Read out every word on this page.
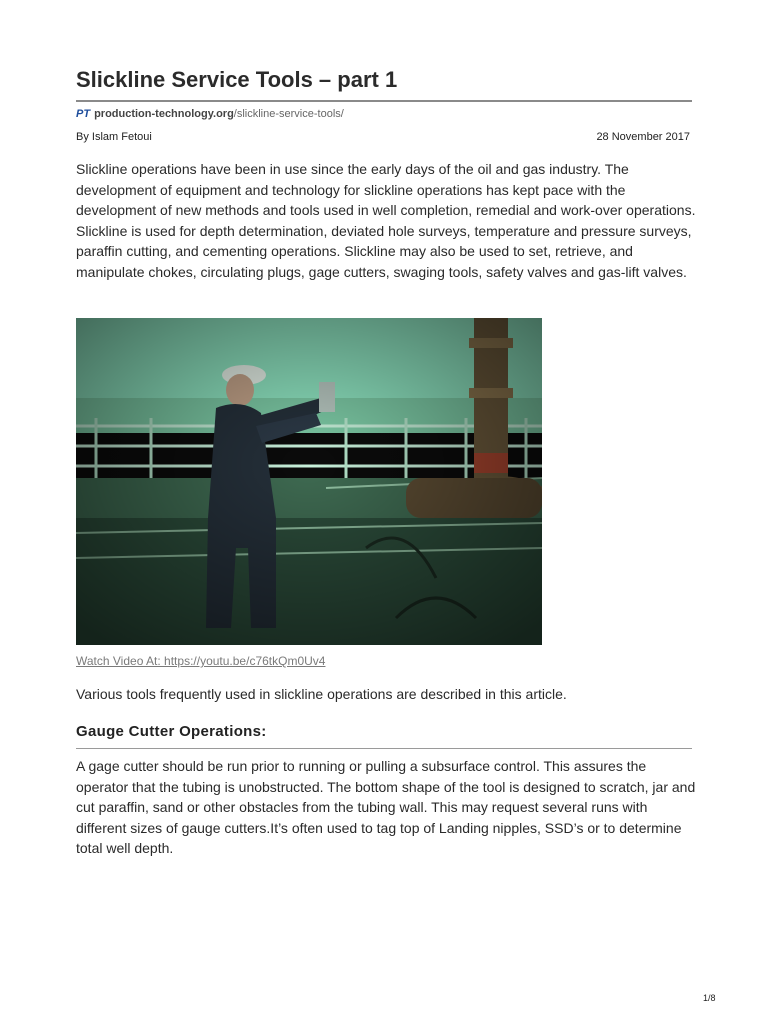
Slickline Service Tools – part 1
PT production-technology.org/slickline-service-tools/
By Islam Fetoui	28 November 2017

Slickline operations have been in use since the early days of the oil and gas industry. The development of equipment and technology for slickline operations has kept pace with the development of new methods and tools used in well completion, remedial and work-over operations. Slickline is used for depth determination, deviated hole surveys, temperature and pressure surveys, paraffin cutting, and cementing operations. Slickline may also be used to set, retrieve, and manipulate chokes, circulating plugs, gage cutters, swaging tools, safety valves and gas-lift valves.

Watch Video At: https://youtu.be/c76tkQm0Uv4

Various tools frequently used in slickline operations are described in this article.

Gauge Cutter Operations:

A gage cutter should be run prior to running or pulling a subsurface control. This assures the operator that the tubing is unobstructed. The bottom shape of the tool is designed to scratch, jar and cut paraffin, sand or other obstacles from the tubing wall. This may request several runs with different sizes of gauge cutters.It’s often used to tag top of Landing nipples, SSD’s or to determine total well depth.

1/8
